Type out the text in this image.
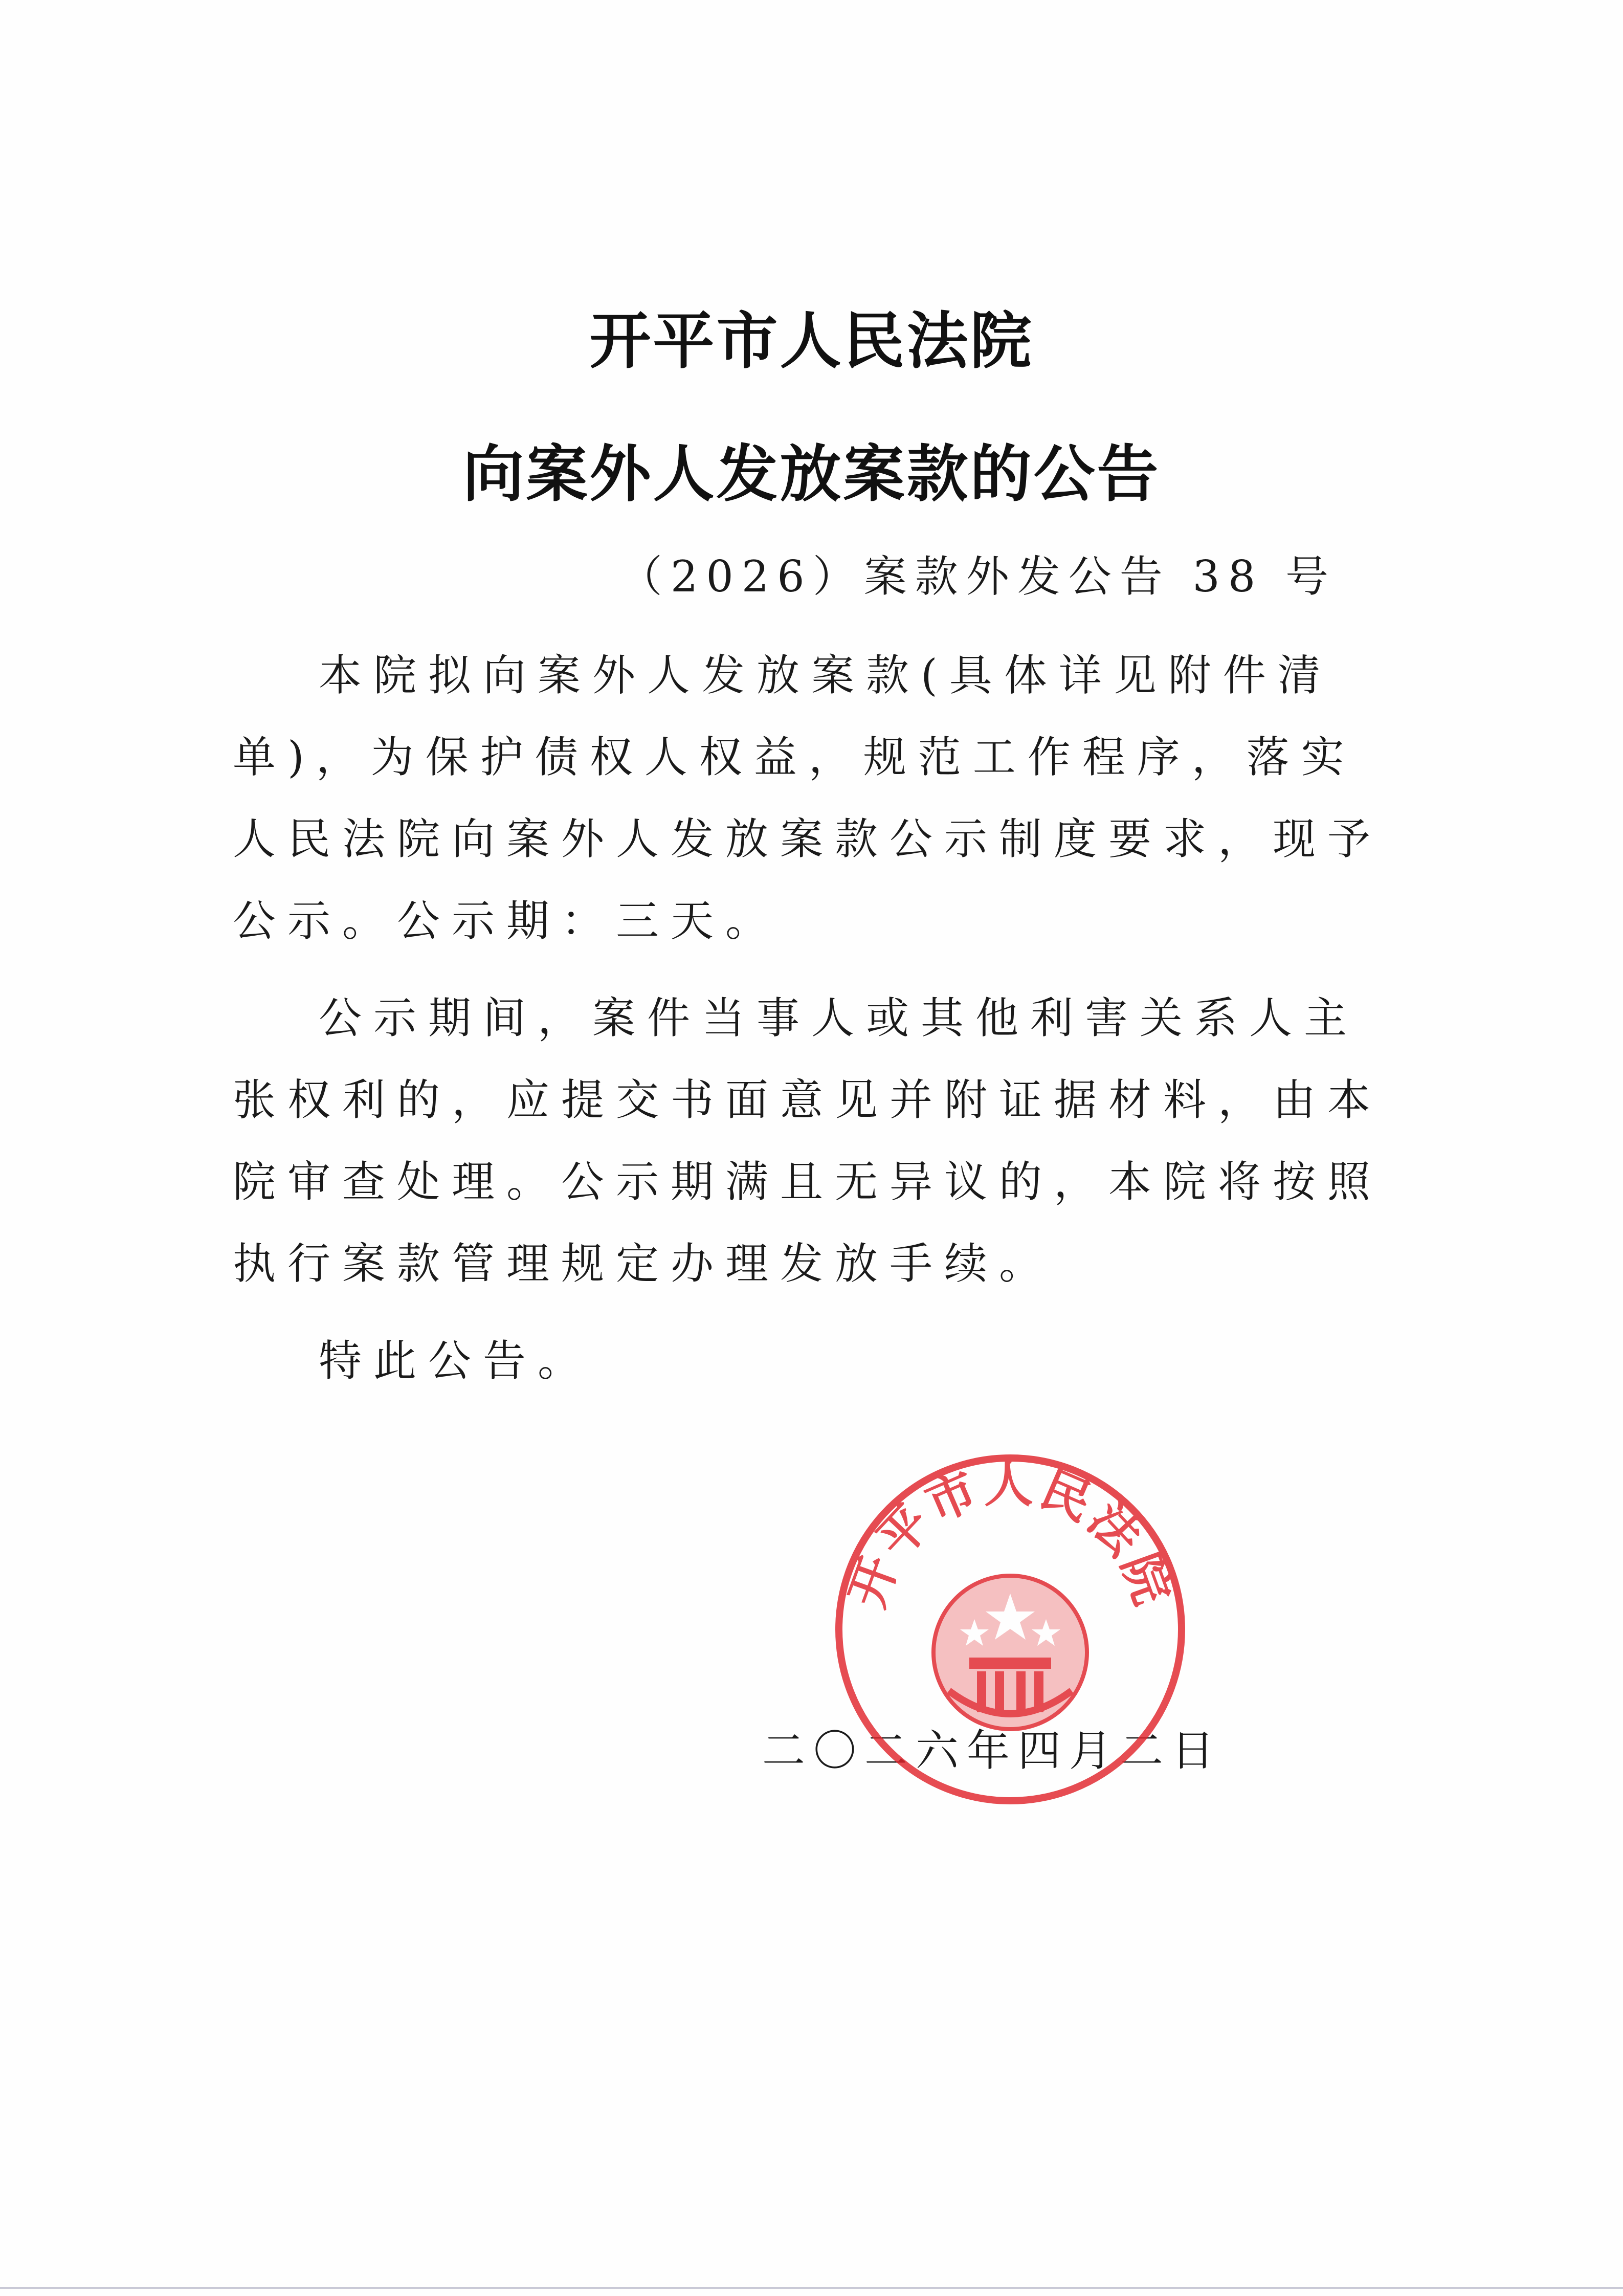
开平市人民法院
向案外人发放案款的公告
（2026）案款外发公告 38 号

本院拟向案外人发放案款(具体详见附件清单)，为保护债权人权益，规范工作程序，落实人民法院向案外人发放案款公示制度要求，现予公示。公示期：三天。

公示期间，案件当事人或其他利害关系人主张权利的，应提交书面意见并附证据材料，由本院审查处理。公示期满且无异议的，本院将按照执行案款管理规定办理发放手续。

特此公告。

二〇二六年四月二日
开平市人民法院
